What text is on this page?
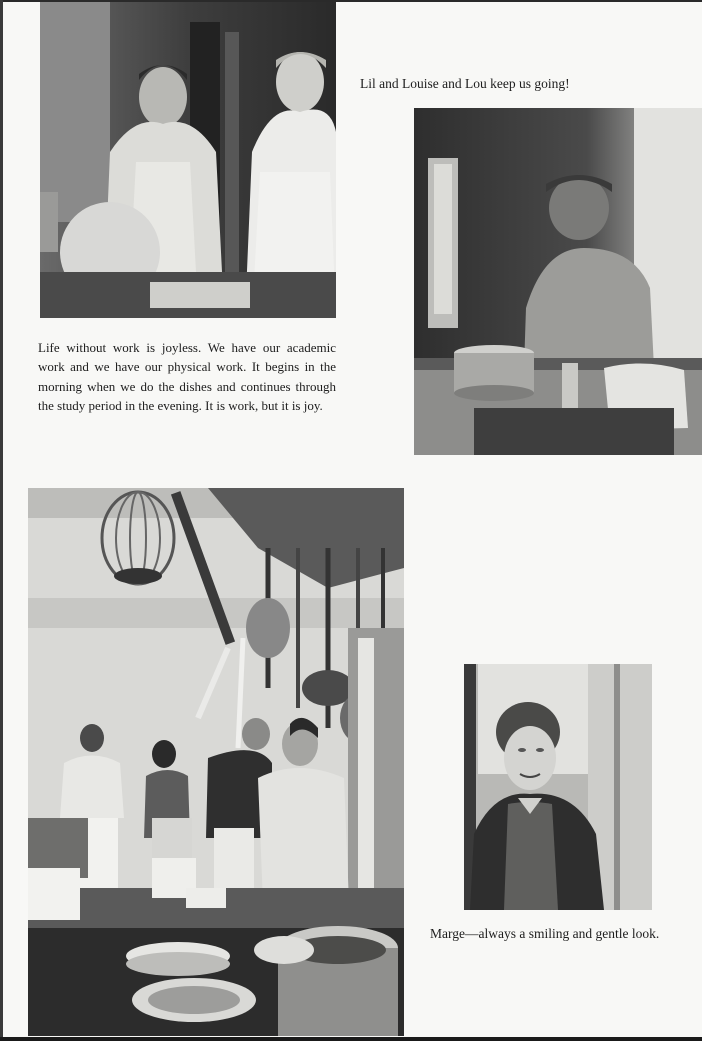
Lil and Louise and Lou keep us going!

Life without work is joyless. We have our academic work and we have our physical work. It begins in the morning when we do the dishes and continues through the study period in the evening. It is work, but it is joy.

Marge—always a smiling and gentle look.
